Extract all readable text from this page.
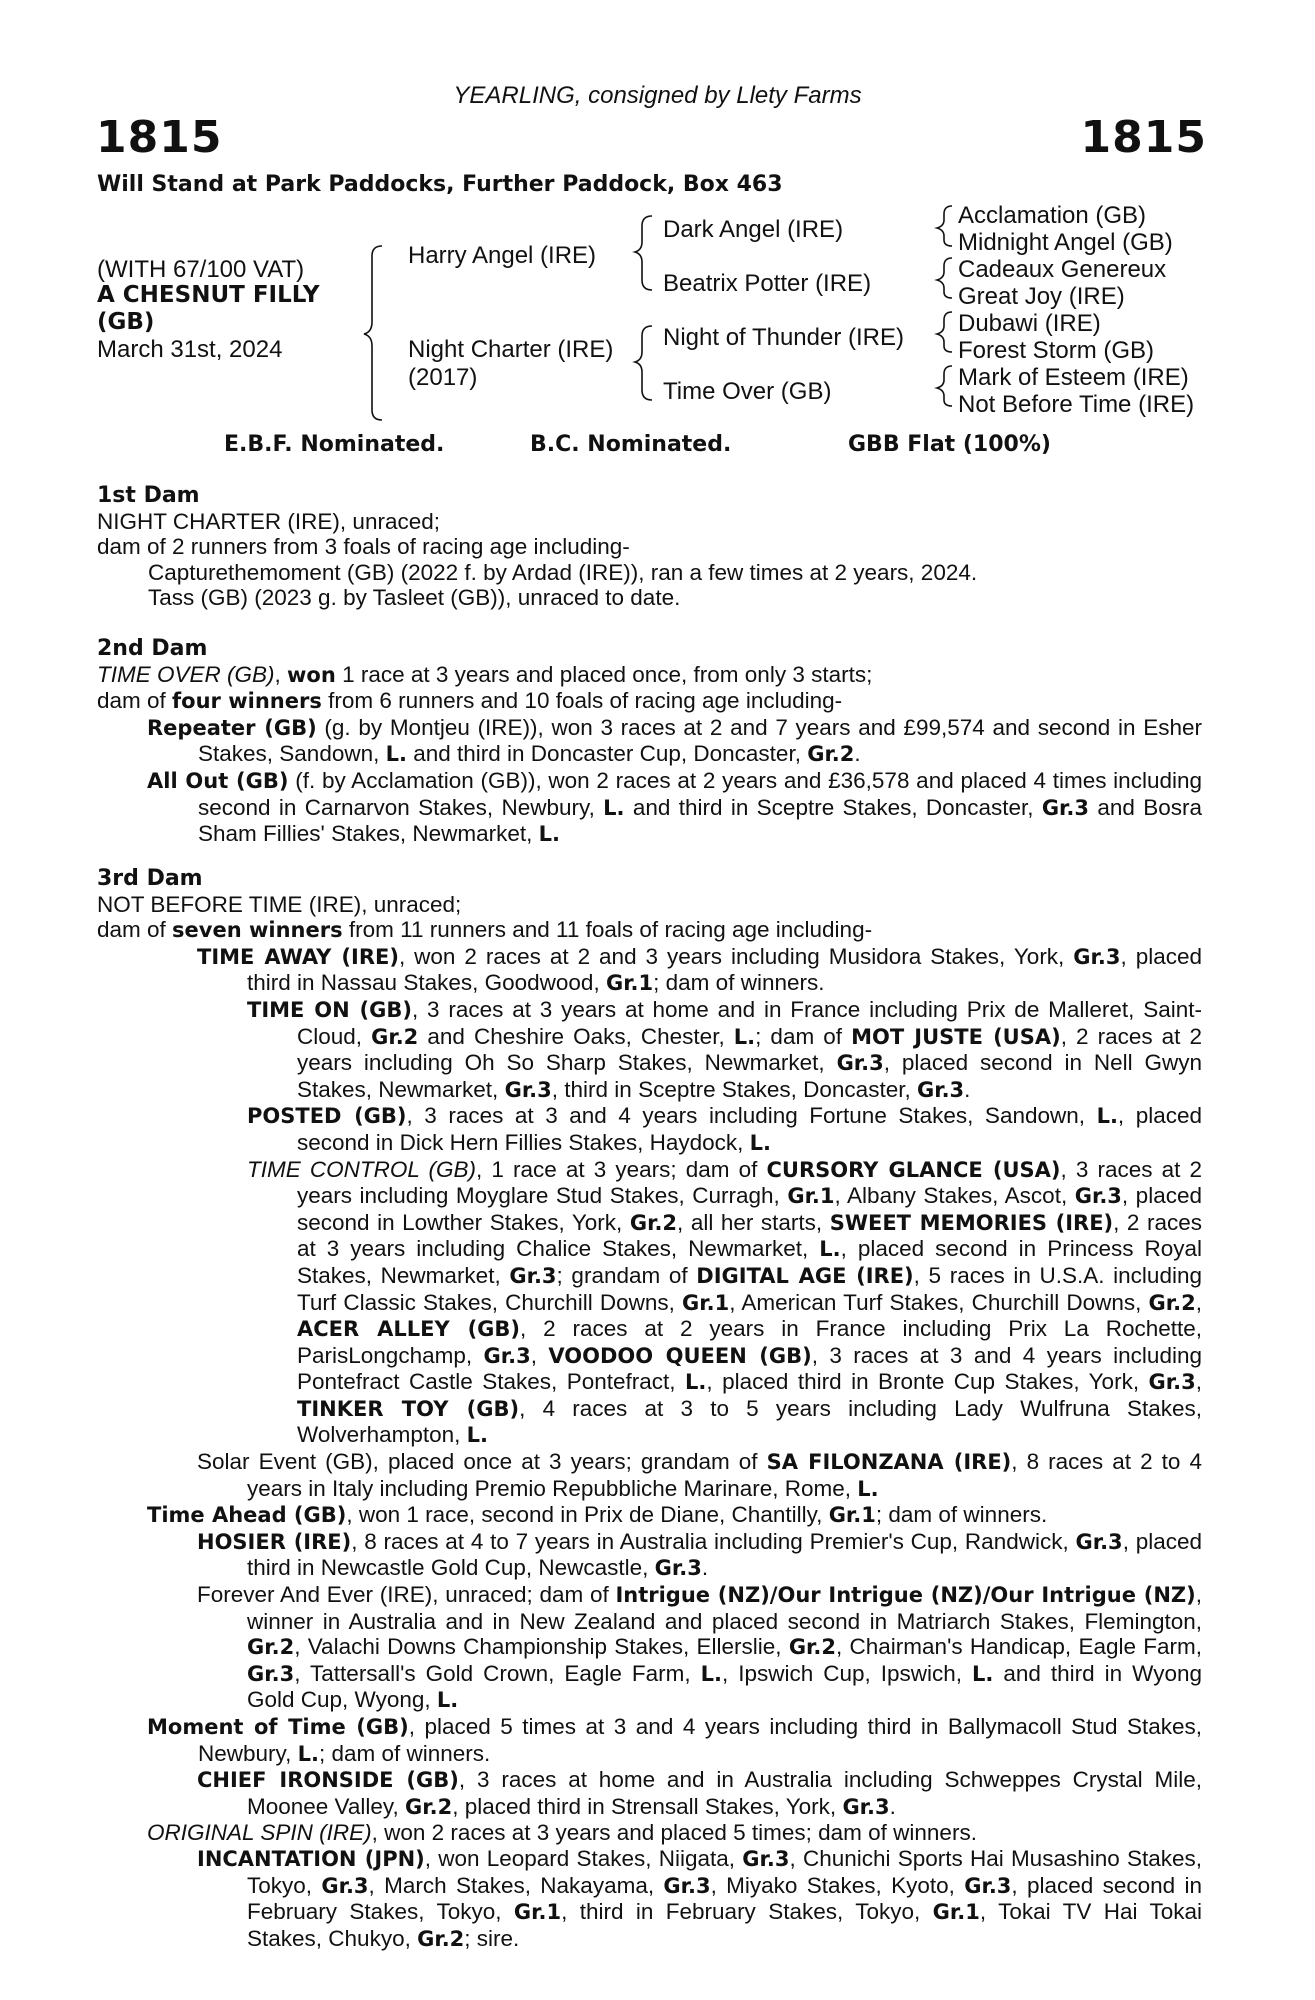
YEARLING, consigned by Llety Farms
1815	1815
Will Stand at Park Paddocks, Further Paddock, Box 463
(WITH 67/100 VAT)
A CHESNUT FILLY
(GB)
March 31st, 2024
Harry Angel (IRE)
Night Charter (IRE)
(2017)
Dark Angel (IRE)
Beatrix Potter (IRE)
Night of Thunder (IRE)
Time Over (GB)
Acclamation (GB)
Midnight Angel (GB)
Cadeaux Genereux
Great Joy (IRE)
Dubawi (IRE)
Forest Storm (GB)
Mark of Esteem (IRE)
Not Before Time (IRE)
E.B.F. Nominated.	B.C. Nominated.	GBB Flat (100%)

1st Dam

NIGHT CHARTER (IRE), unraced;

dam of 2 runners from 3 foals of racing age including-

Capturethemoment (GB) (2022 f. by Ardad (IRE)), ran a few times at 2 years, 2024.

Tass (GB) (2023 g. by Tasleet (GB)), unraced to date.

2nd Dam

TIME OVER (GB), won 1 race at 3 years and placed once, from only 3 starts;

dam of four winners from 6 runners and 10 foals of racing age including-

Repeater (GB) (g. by Montjeu (IRE)), won 3 races at 2 and 7 years and £99,574 and second in Esher Stakes, Sandown, L. and third in Doncaster Cup, Doncaster, Gr.2.

All Out (GB) (f. by Acclamation (GB)), won 2 races at 2 years and £36,578 and placed 4 times including second in Carnarvon Stakes, Newbury, L. and third in Sceptre Stakes, Doncaster, Gr.3 and Bosra Sham Fillies' Stakes, Newmarket, L.

3rd Dam

NOT BEFORE TIME (IRE), unraced;

dam of seven winners from 11 runners and 11 foals of racing age including-

TIME AWAY (IRE), won 2 races at 2 and 3 years including Musidora Stakes, York, Gr.3, placed third in Nassau Stakes, Goodwood, Gr.1; dam of winners.

TIME ON (GB), 3 races at 3 years at home and in France including Prix de Malleret, Saint-Cloud, Gr.2 and Cheshire Oaks, Chester, L.; dam of MOT JUSTE (USA), 2 races at 2 years including Oh So Sharp Stakes, Newmarket, Gr.3, placed second in Nell Gwyn Stakes, Newmarket, Gr.3, third in Sceptre Stakes, Doncaster, Gr.3.

POSTED (GB), 3 races at 3 and 4 years including Fortune Stakes, Sandown, L., placed second in Dick Hern Fillies Stakes, Haydock, L.

TIME CONTROL (GB), 1 race at 3 years; dam of CURSORY GLANCE (USA), 3 races at 2 years including Moyglare Stud Stakes, Curragh, Gr.1, Albany Stakes, Ascot, Gr.3, placed second in Lowther Stakes, York, Gr.2, all her starts, SWEET MEMORIES (IRE), 2 races at 3 years including Chalice Stakes, Newmarket, L., placed second in Princess Royal Stakes, Newmarket, Gr.3; grandam of DIGITAL AGE (IRE), 5 races in U.S.A. including Turf Classic Stakes, Churchill Downs, Gr.1, American Turf Stakes, Churchill Downs, Gr.2, ACER ALLEY (GB), 2 races at 2 years in France including Prix La Rochette, ParisLongchamp, Gr.3, VOODOO QUEEN (GB), 3 races at 3 and 4 years including Pontefract Castle Stakes, Pontefract, L., placed third in Bronte Cup Stakes, York, Gr.3, TINKER TOY (GB), 4 races at 3 to 5 years including Lady Wulfruna Stakes, Wolverhampton, L.

Solar Event (GB), placed once at 3 years; grandam of SA FILONZANA (IRE), 8 races at 2 to 4 years in Italy including Premio Repubbliche Marinare, Rome, L.

Time Ahead (GB), won 1 race, second in Prix de Diane, Chantilly, Gr.1; dam of winners.

HOSIER (IRE), 8 races at 4 to 7 years in Australia including Premier's Cup, Randwick, Gr.3, placed third in Newcastle Gold Cup, Newcastle, Gr.3.

Forever And Ever (IRE), unraced; dam of Intrigue (NZ)/Our Intrigue (NZ)/Our Intrigue (NZ), winner in Australia and in New Zealand and placed second in Matriarch Stakes, Flemington, Gr.2, Valachi Downs Championship Stakes, Ellerslie, Gr.2, Chairman's Handicap, Eagle Farm, Gr.3, Tattersall's Gold Crown, Eagle Farm, L., Ipswich Cup, Ipswich, L. and third in Wyong Gold Cup, Wyong, L.

Moment of Time (GB), placed 5 times at 3 and 4 years including third in Ballymacoll Stud Stakes, Newbury, L.; dam of winners.

CHIEF IRONSIDE (GB), 3 races at home and in Australia including Schweppes Crystal Mile, Moonee Valley, Gr.2, placed third in Strensall Stakes, York, Gr.3.

ORIGINAL SPIN (IRE), won 2 races at 3 years and placed 5 times; dam of winners.

INCANTATION (JPN), won Leopard Stakes, Niigata, Gr.3, Chunichi Sports Hai Musashino Stakes, Tokyo, Gr.3, March Stakes, Nakayama, Gr.3, Miyako Stakes, Kyoto, Gr.3, placed second in February Stakes, Tokyo, Gr.1, third in February Stakes, Tokyo, Gr.1, Tokai TV Hai Tokai Stakes, Chukyo, Gr.2; sire.
